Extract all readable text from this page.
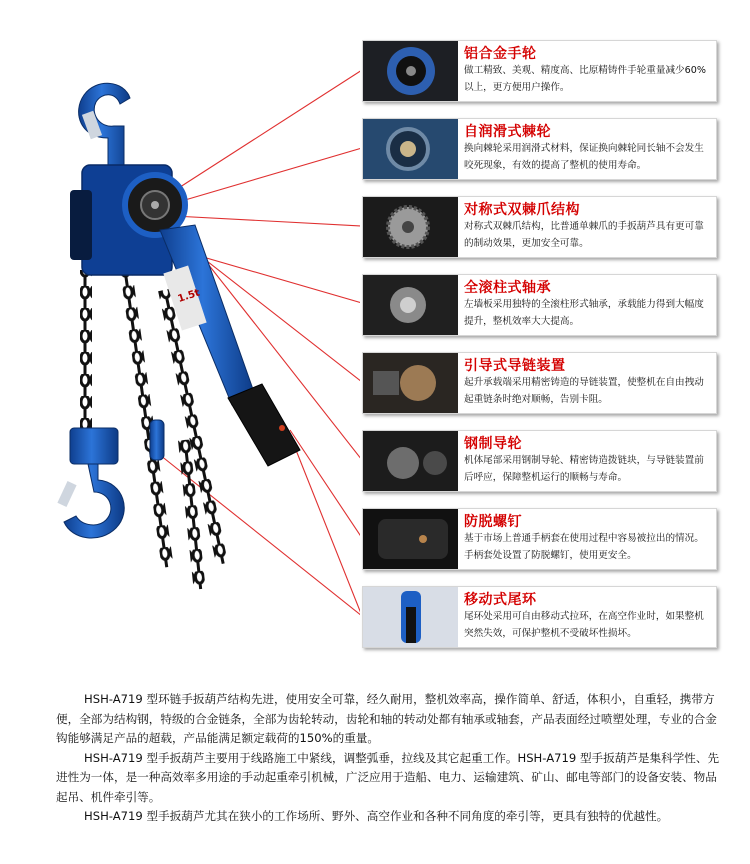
1.5t
铝合金手轮
做工精致、美观、精度高、比原精铸件手轮重量减少60%以上，更方便用户操作。
自润滑式棘轮
换向棘轮采用润滑式材料，保证换向棘轮同长轴不会发生咬死现象，有效的提高了整机的使用寿命。
对称式双棘爪结构
对称式双棘爪结构，比普通单棘爪的手扳葫芦具有更可靠的制动效果，更加安全可靠。
全滚柱式轴承
左墙板采用独特的全滚柱形式轴承，承载能力得到大幅度提升，整机效率大大提高。
引导式导链装置
起升承载端采用精密铸造的导链装置，使整机在自由拽动起重链条时绝对顺畅，告别卡阻。
钢制导轮
机体尾部采用钢制导轮、精密铸造拨链块，与导链装置前后呼应，保障整机运行的顺畅与寿命。
防脱螺钉
基于市场上普通手柄套在使用过程中容易被拉出的情况。手柄套处设置了防脱螺钉，使用更安全。
移动式尾环
尾环处采用可自由移动式拉环，在高空作业时，如果整机突然失效，可保护整机不受破坏性损坏。

HSH-A719 型环链手扳葫芦结构先进，使用安全可靠，经久耐用，整机效率高，操作简单、舒适，体积小，自重轻，携带方便，全部为结构钢，特级的合金链条，全部为齿轮转动，齿轮和轴的转动处都有轴承或轴套，产品表面经过喷塑处理，专业的合金钩能够满足产品的超载，产品能满足额定载荷的150%的重量。

HSH-A719 型手扳葫芦主要用于线路施工中紧线，调整弧垂，拉线及其它起重工作。HSH-A719 型手扳葫芦是集科学性、先进性为一体，是一种高效率多用途的手动起重牵引机械，广泛应用于造船、电力、运输建筑、矿山、邮电等部门的设备安装、物品起吊、机件牵引等。

HSH-A719 型手扳葫芦尤其在狭小的工作场所、野外、高空作业和各种不同角度的牵引等，更具有独特的优越性。
